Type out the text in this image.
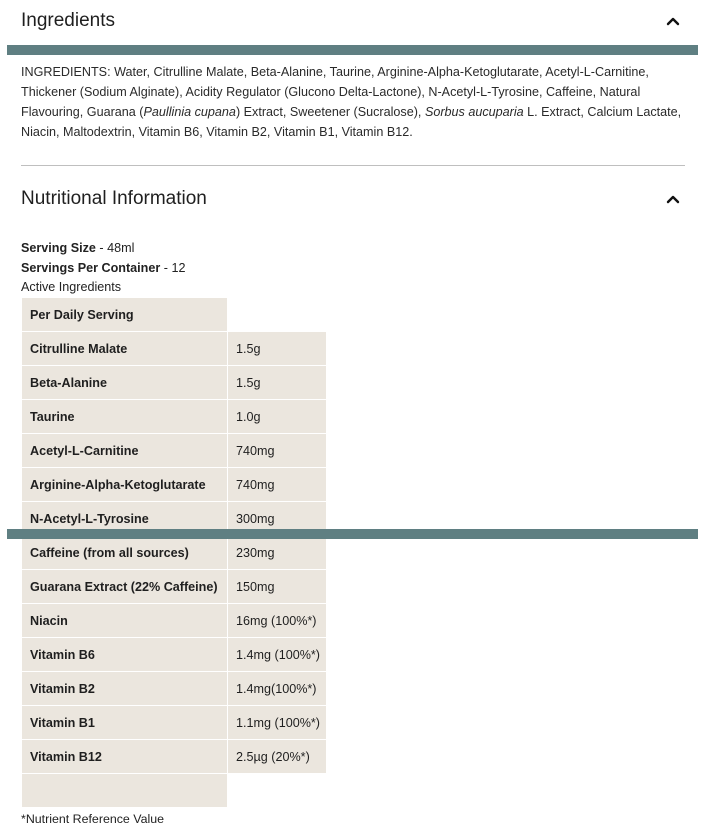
Ingredients
INGREDIENTS: Water, Citrulline Malate, Beta-Alanine, Taurine, Arginine-Alpha-Ketoglutarate, Acetyl-L-Carnitine, Thickener (Sodium Alginate), Acidity Regulator (Glucono Delta-Lactone), N-Acetyl-L-Tyrosine, Caffeine, Natural Flavouring, Guarana (Paullinia cupana) Extract, Sweetener (Sucralose), Sorbus aucuparia L. Extract, Calcium Lactate, Niacin, Maltodextrin, Vitamin B6, Vitamin B2, Vitamin B1, Vitamin B12.
Nutritional Information
Serving Size - 48ml
Servings Per Container - 12
Active Ingredients
Per Daily Serving	
Citrulline Malate	1.5g
Beta-Alanine	1.5g
Taurine	1.0g
Acetyl-L-Carnitine	740mg
Arginine-Alpha-Ketoglutarate	740mg
N-Acetyl-L-Tyrosine	300mg
Caffeine (from all sources)	230mg
Guarana Extract (22% Caffeine)	150mg
Niacin	16mg (100%*)
Vitamin B6	1.4mg (100%*)
Vitamin B2	1.4mg(100%*)
Vitamin B1	1.1mg (100%*)
Vitamin B12	2.5µg (20%*)

*Nutrient Reference Value
